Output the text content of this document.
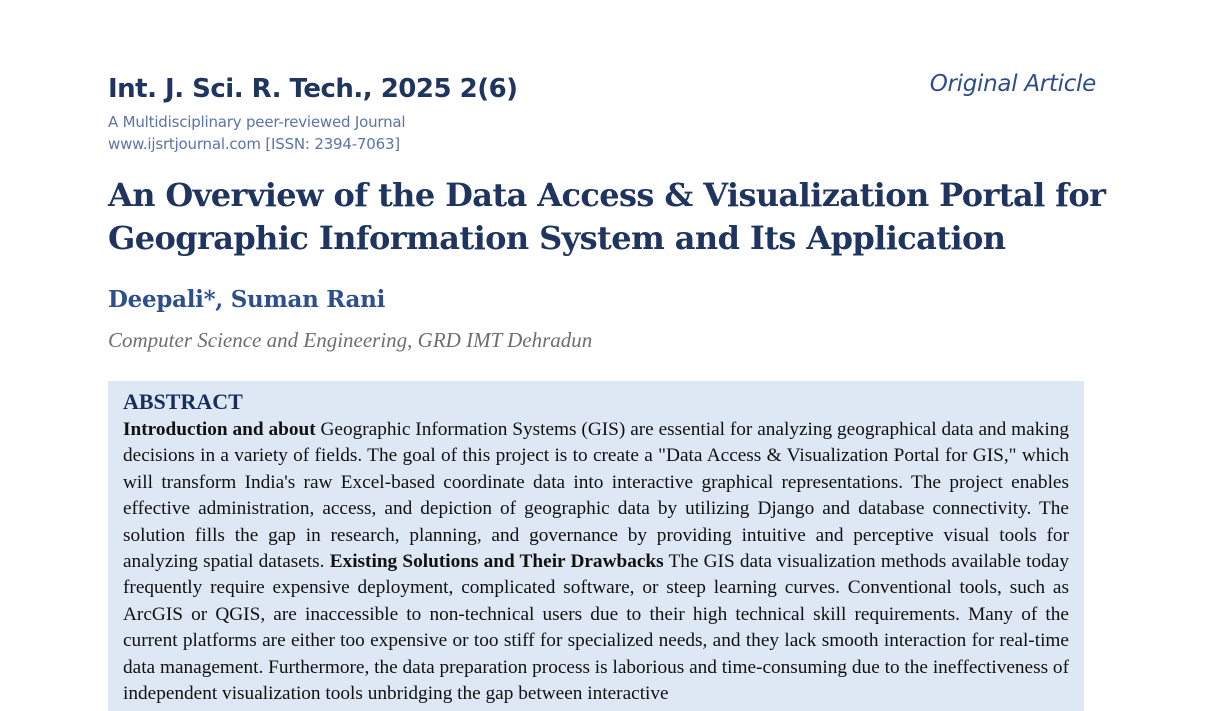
Int. J. Sci. R. Tech., 2025 2(6)	Original Article
A Multidisciplinary peer-reviewed Journal
www.ijsrtjournal.com [ISSN: 2394-7063]
An Overview of the Data Access & Visualization Portal for Geographic Information System and Its Application
Deepali*, Suman Rani
Computer Science and Engineering, GRD IMT Dehradun
ABSTRACT

Introduction and about Geographic Information Systems (GIS) are essential for analyzing geographical data and making decisions in a variety of fields. The goal of this project is to create a "Data Access & Visualization Portal for GIS," which will transform India's raw Excel-based coordinate data into interactive graphical representations. The project enables effective administration, access, and depiction of geographic data by utilizing Django and database connectivity. The solution fills the gap in research, planning, and governance by providing intuitive and perceptive visual tools for analyzing spatial datasets. Existing Solutions and Their Drawbacks The GIS data visualization methods available today frequently require expensive deployment, complicated software, or steep learning curves. Conventional tools, such as ArcGIS or QGIS, are inaccessible to non-technical users due to their high technical skill requirements. Many of the current platforms are either too expensive or too stiff for specialized needs, and they lack smooth interaction for real-time data management. Furthermore, the data preparation process is laborious and time-consuming due to the ineffectiveness of independent visualization tools unbridging the gap between interactive
